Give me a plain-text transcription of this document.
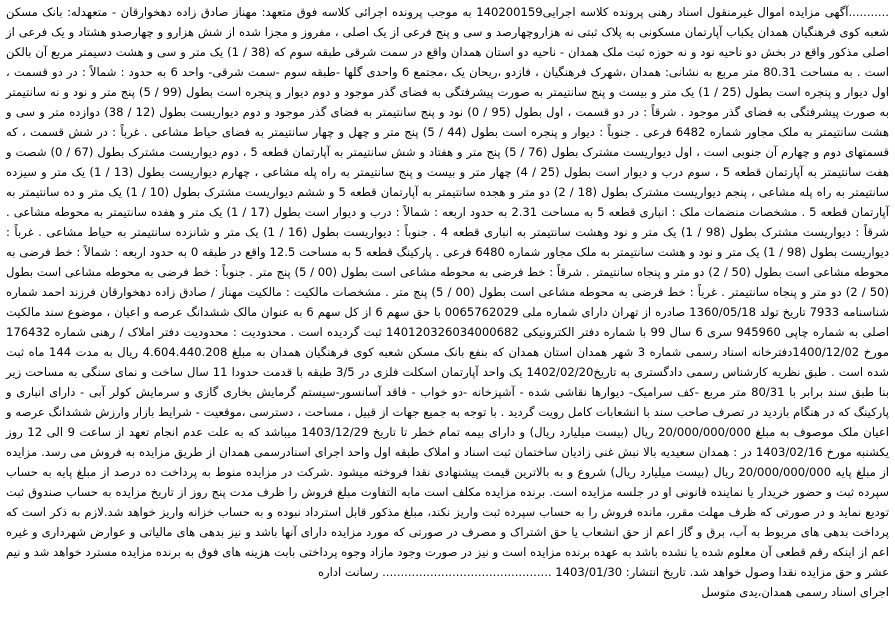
...........آگهی مزایده اموال غیرمنقول اسناد رهنی پرونده کلاسه اجرایی140200159 به موجب پرونده اجرائی کلاسه فوق متعهد: مهناز صادق زاده دهخوارقان - متعهدله: بانک مسکن شعبه کوی فرهنگیان همدان یکباب آپارتمان مسکونی به پلاک ثبتی نه هزاروچهارصد و سی و پنج فرعی از یک اصلی ، مفروز و مجزا شده از شش هزارو و چهارصدو هشتاد و یک فرعی از اصلی مذکور واقع در بخش دو ناحیه نود و نه حوزه ثبت ملک همدان - ناحیه دو استان همدان واقع در سمت شرقی طبقه سوم که (38 / 1) یک متر و سی و هشت دسیمتر مربع آن بالکن است . به مساحت 80.31 متر مربع به نشانی: همدان ،شهرک فرهنگیان ، فازدو ،ریحان یک ،مجتمع 6 واحدی گلها -طبقه سوم -سمت شرقی- واحد 6 به حدود : شمالاً : در دو قسمت ، اول دیوار و پنجره است بطول (25 / 1) یک متر و بیست و پنج سانتیمتر به صورت پیشرفتگی به فضای گذر موجود و دوم دیوار و پنجره است بطول (99 / 5) پنج متر و نود و نه سانتیمتر به صورت پیشرفتگی به فضای گذر موجود . شرقاً : در دو قسمت ، اول بطول (95 / 0) نود و پنج سانتیمتر به فضای گذر موجود و دوم دیواریست بطول (12 / 38) دوازده متر و سی و هشت سانتیمتر به ملک مجاور شماره 6482 فرعی . جنوباً : دیوار و پنجره است بطول (44 / 5) پنج متر و چهل و چهار سانتیمتر به فضای حیاط مشاعی . غرباً : در شش قسمت ، که قسمتهای دوم و چهارم آن جنوبی است ، اول دیواریست مشترک بطول (76 / 5) پنج متر و هفتاد و شش سانتیمتر به آپارتمان قطعه 5 ، دوم دیواریست مشترک بطول (67 / 0) شصت و هفت سانتیمتر به آپارتمان قطعه 5 ، سوم درب و دیوار است بطول (25 / 4) چهار متر و بیست و پنج سانتیمتر به راه پله مشاعی ، چهارم دیواریست بطول (13 / 1) یک متر و سیزده سانتیمتر به راه پله مشاعی ، پنجم دیواریست مشترک بطول (18 / 2) دو متر و هجده سانتیمتر به آپارتمان قطعه 5 و ششم دیواریست مشترک بطول (10 / 1) یک متر و ده سانتیمتر به آپارتمان قطعه 5 . مشخصات منضمات ملک : انباری قطعه 5 به مساحت 2.31 به حدود اربعه : شمالاً : درب و دیوار است بطول (17 / 1) یک متر و هفده سانتیمتر به محوطه مشاعی . شرقاً : دیواریست مشترک بطول (98 / 1) یک متر و نود وهشت سانتیمتر به انباری قطعه 4 . جنوباً : دیواریست بطول (16 / 1) یک متر و شانزده سانتیمتر به حیاط مشاعی . غرباً : دیواریست بطول (98 / 1) یک متر و نود و هشت سانتیمتر به ملک مجاور شماره 6480 فرعی . پارکینگ قطعه 5 به مساحت 12.5 واقع در طبقه 0 به حدود اربعه : شمالاً : خط فرضی به محوطه مشاعی است بطول (50 / 2) دو متر و پنجاه سانتیمتر . شرقاً : خط فرضی به محوطه مشاعی است بطول (00 / 5) پنج متر . جنوباً : خط فرضی به محوطه مشاعی است بطول (50 / 2) دو متر و پنجاه سانتیمتر . غرباً : خط فرضی به محوطه مشاعی است بطول (00 / 5) پنج متر . مشخصات مالکیت : مالکیت مهناز / صادق زاده دهخوارقان فرزند احمد شماره شناسنامه 7933 تاریخ تولد 1360/05/18 صادره از تهران دارای شماره ملی 0065762029 با حق سهم 6 از کل سهم 6 به عنوان مالک ششدانگ عرصه و اعیان ، موضوع سند مالکیت اصلی به شماره چاپی 945960 سری 6 سال 99 با شماره دفتر الکترونیکی 140120326034000682 ثبت گردیده است . محدودیت : محدودیت دفتر املاک / رهنی شماره 176432 مورخ 1400/12/02دفترخانه اسناد رسمی شماره 3 شهر همدان استان همدان که بنفع بانک مسکن شعبه کوی فرهنگیان همدان به مبلغ 4.604.440.208 ریال به مدت 144 ماه ثبت شده است . طبق نظریه کارشناس رسمی دادگستری به تاریخ1402/02/20 یک واحد آپارتمان اسکلت فلزی در 3/5 طبقه با قدمت حدودا 11 سال ساخت و نمای سنگی به مساحت زیر بنا طبق سند برابر با 80/31 متر مربع -کف سرامیک- دیوارها نقاشی شده - آشپزخانه -دو خواب - فاقد آسانسور-سیستم گرمایش بخاری گازی و سرمایش کولر آبی - دارای انباری و پارکینگ که در هنگام بازدید در تصرف صاحب سند با انشعابات کامل رویت گردید . با توجه به جمیع جهات از قبیل ، مساحت ، دسترسی ،موقعیت - شرایط بازار وارزش ششدانگ عرصه و اعیان ملک موصوف به مبلغ 20/000/000/000 ریال (بیست میلیارد ریال) و دارای بیمه تمام خطر تا تاریخ 1403/12/29 میباشد که به علت عدم انجام تعهد از ساعت 9 الی 12 روز یکشنبه مورخ 1403/02/16 در : همدان سعیدیه بالا نبش غنی زادیان ساختمان ثبت اسناد و املاک طبقه اول واحد اجرای اسنادرسمی همدان از طریق مزایده به فروش می رسد. مزایده از مبلغ پایه 20/000/000/000 ریال (بیست میلیارد ریال) شروع و به بالاترین قیمت پیشنهادی نقدا فروخته میشود .شرکت در مزایده منوط به پرداخت ده درصد از مبلغ پایه به حساب سپرده ثبت و حضور خریدار یا نماینده قانونی او در جلسه مزایده است. برنده مزایده مکلف است مابه التفاوت مبلغ فروش را ظرف مدت پنج روز از تاریخ مزایده به حساب صندوق ثبت تودیع نماید و در صورتی که ظرف مهلت مقرر، مانده فروش را به حساب سپرده ثبت واریز نکند، مبلغ مذکور قابل استرداد نبوده و به حساب خزانه واریز خواهد شد.لازم به ذکر است که پرداخت بدهی های مربوط به آب، برق و گاز اعم از حق انشعاب یا حق اشتراک و مصرف در صورتی که مورد مزایده دارای آنها باشد و نیز بدهی های مالیاتی و عوارض شهرداری و غیره اعم از اینکه رقم قطعی آن معلوم شده یا نشده باشد به عهده برنده مزایده است و نیز در صورت وجود مازاد وجوه پرداختی بابت هزینه های فوق به برنده مزایده مسترد خواهد شد و نیم عشر و حق مزایده نقدا وصول خواهد شد. تاریخ انتشار: 1403/01/30 .............................................. رسانت اداره

اجرای اسناد رسمی همدان،یدی متوسل
